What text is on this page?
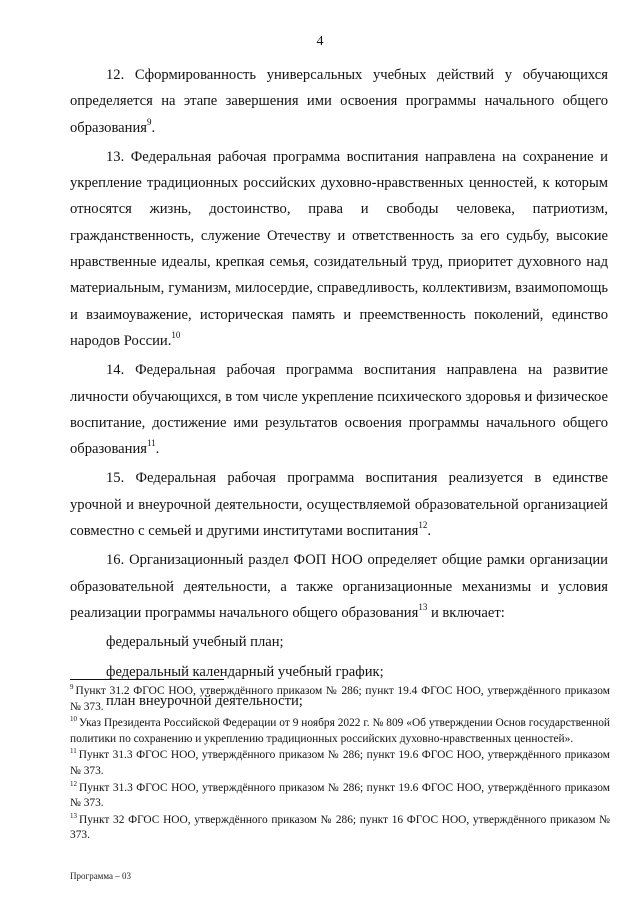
4

12. Сформированность универсальных учебных действий у обучающихся определяется на этапе завершения ими освоения программы начального общего образования$^9$.

13. Федеральная рабочая программа воспитания направлена на сохранение и укрепление традиционных российских духовно-нравственных ценностей, к которым относятся жизнь, достоинство, права и свободы человека, патриотизм, гражданственность, служение Отечеству и ответственность за его судьбу, высокие нравственные идеалы, крепкая семья, созидательный труд, приоритет духовного над материальным, гуманизм, милосердие, справедливость, коллективизм, взаимопомощь и взаимоуважение, историческая память и преемственность поколений, единство народов России.$^{10}$

14. Федеральная рабочая программа воспитания направлена на развитие личности обучающихся, в том числе укрепление психического здоровья и физическое воспитание, достижение ими результатов освоения программы начального общего образования$^{11}$.

15. Федеральная рабочая программа воспитания реализуется в единстве урочной и внеурочной деятельности, осуществляемой образовательной организацией совместно с семьей и другими институтами воспитания$^{12}$.

16. Организационный раздел ФОП НОО определяет общие рамки организации образовательной деятельности, а также организационные механизмы и условия реализации программы начального общего образования$^{13}$ и включает:

федеральный учебный план;

федеральный календарный учебный график;

план внеурочной деятельности;

$^9$ Пункт 31.2 ФГОС НОО, утверждённого приказом № 286; пункт 19.4 ФГОС НОО, утверждённого приказом № 373.

$^{10}$ Указ Президента Российской Федерации от 9 ноября 2022 г. № 809 «Об утверждении Основ государственной политики по сохранению и укреплению традиционных российских духовно-нравственных ценностей».

$^{11}$ Пункт 31.3 ФГОС НОО, утверждённого приказом № 286; пункт 19.6 ФГОС НОО, утверждённого приказом № 373.

$^{12}$ Пункт 31.3 ФГОС НОО, утверждённого приказом № 286; пункт 19.6 ФГОС НОО, утверждённого приказом № 373.

$^{13}$ Пункт 32 ФГОС НОО, утверждённого приказом № 286; пункт 16 ФГОС НОО, утверждённого приказом № 373.

Программа – 03
